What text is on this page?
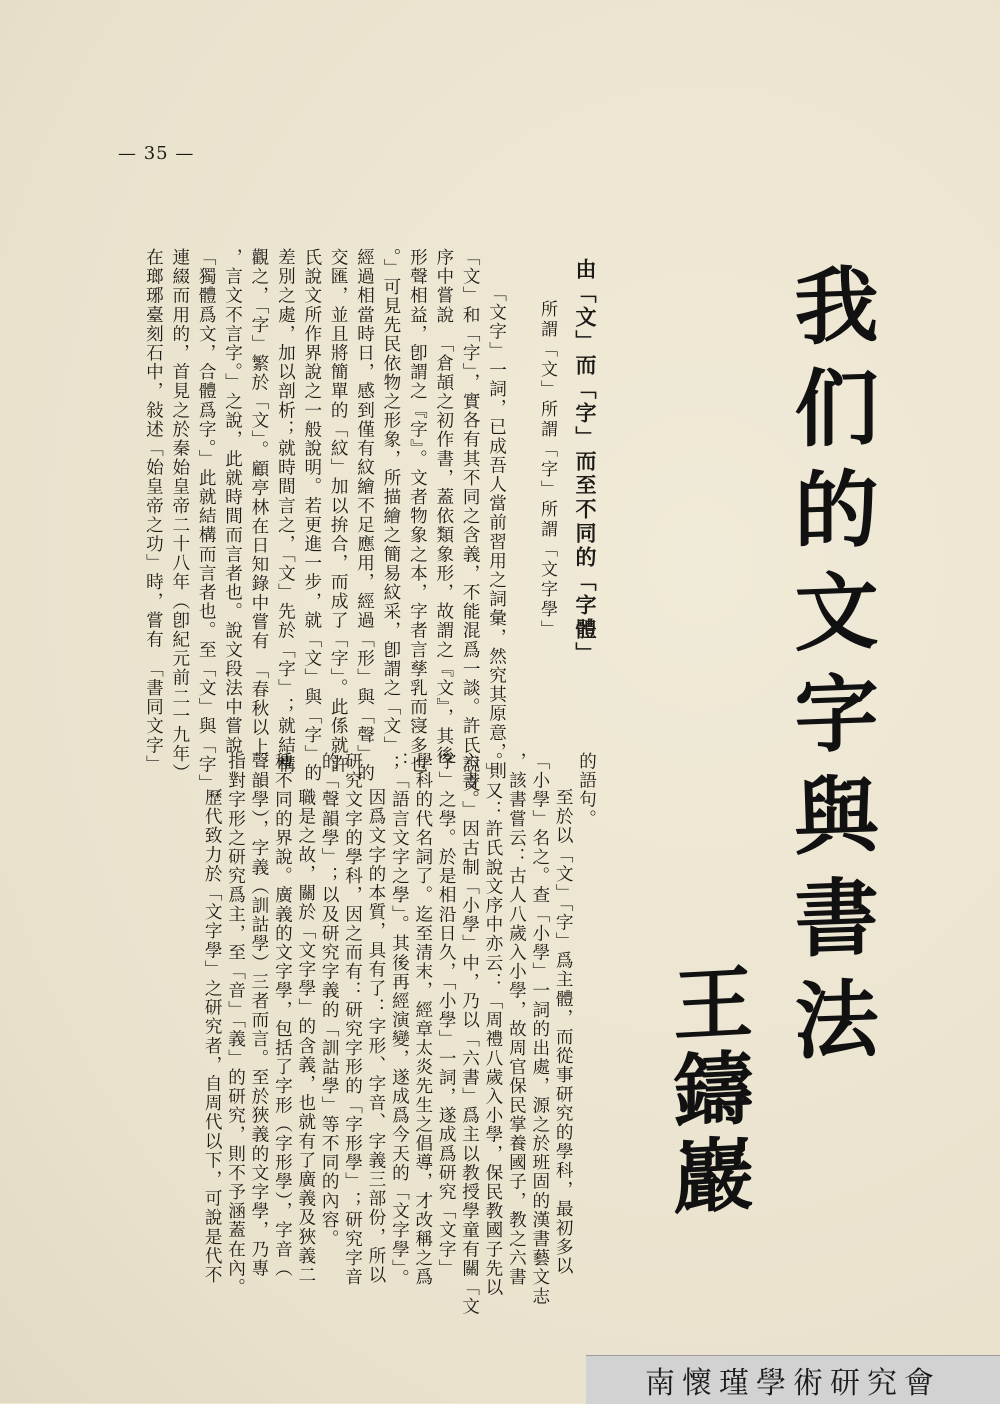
— 35 —
我们的文字與書法
王鑄巖
由「文」而「字」而至不同的「字體」
所謂「文」所謂「字」所謂「文字學」
「文字」一詞，已成吾人當前習用之詞彙，然究其原意，則
「文」和「字」，實各有其不同之含義，不能混爲一談。許氏說文
序中嘗說　「倉頡之初作書，蓋依類象形，故謂之『文』，其後
形聲相益，卽謂之『字』。文者物象之本，字者言孳乳而寖多也
。」可見先民依物之形象，所描繪之簡易紋采，卽謂之「文」；
經過相當時日，感到僅有紋繪不足應用，經過「形」與「聲」的
交匯，並且將簡單的「紋」加以拚合，而成了「字」。此係就許
氏說文所作界說之一般說明。若更進一步，就「文」與「字」的
差別之處，加以剖析；就時間言之，「文」先於「字」；就結構
觀之，「字」繁於「文」。顧亭林在日知錄中嘗有　「春秋以上
，言文不言字。」之說，此就時間而言者也。說文段法中嘗說
「獨體爲文，合體爲字。」此就結構而言者也。至「文」與「字」
連綴而用的，首見之於秦始皇帝二十八年（卽紀元前二一九年）
在瑯琊臺刻石中，敍述「始皇帝之功」時，嘗有　「書同文字」
的語句。
至於以「文」「字」爲主體，而從事研究的學科，最初多以
「小學」名之。查「小學」一詞的出處，源之於班固的漢書藝文志
，該書嘗云：古人八歲入小學，故周官保民掌養國子，教之六書
。」又：許氏說文序中亦云：「周禮八歲入小學，保民教國子先以
六書。」因古制「小學」中，乃以「六書」爲主以教授學童有關「文
字」之學。於是相沿日久，「小學」一詞，遂成爲研究「文字」
學科的代名詞了。迄至清末，經章太炎先生之倡導，才改稱之爲
：「語言文字之學」。其後再經演變，遂成爲今天的「文字學」。
因爲文字的本質，具有了：字形、字音、字義三部份，所以
研究文字的學科，因之而有：研究字形的「字形學」；研究字音
的「聲韻學」；以及研究字義的「訓詁學」等不同的內容。
職是之故，關於「文字學」的含義，也就有了廣義及狹義二
種不同的界說。廣義的文字學，包括了字形（字形學），字音（
聲韻學），字義（訓詁學）三者而言。至於狹義的文字學，乃專
指對字形之研究爲主，至「音」「義」的研究，則不予涵蓋在內。
歷代致力於「文字學」之研究者，自周代以下，可說是代不
南懷瑾學術研究會
